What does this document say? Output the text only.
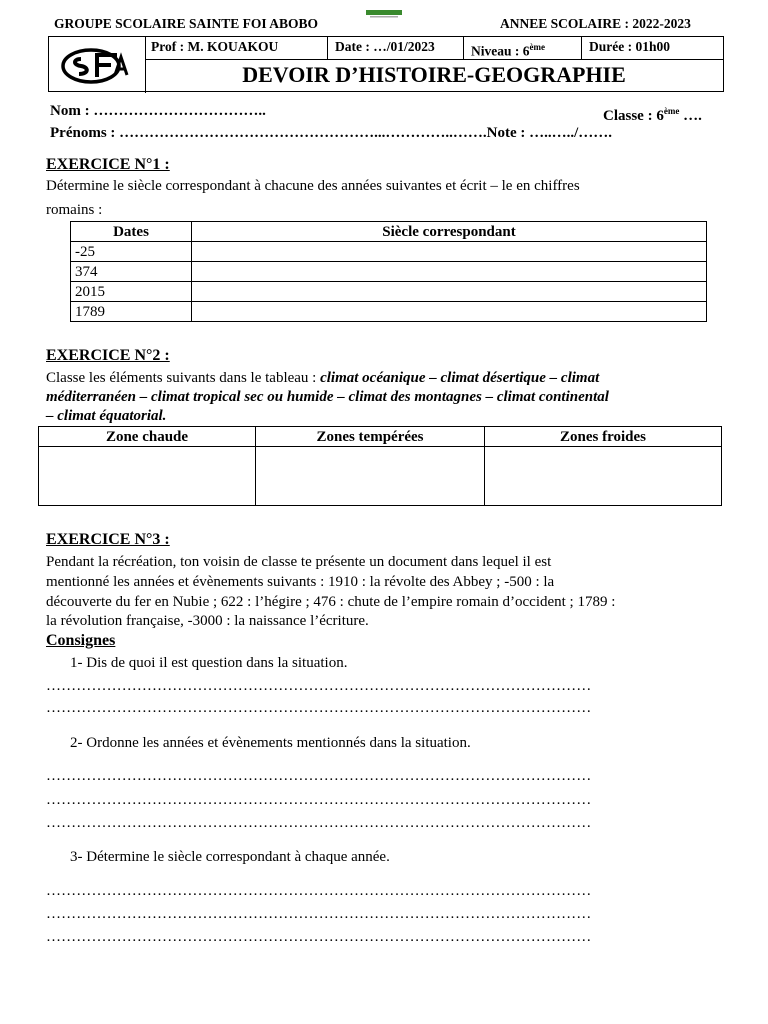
GROUPE SCOLAIRE SAINTE FOI ABOBO	ANNEE SCOLAIRE : 2022-2023
Prof : M. KOUAKOU	Date : …/01/2023	Niveau : 6ème	Durée : 01h00
DEVOIR D’HISTOIRE-GEOGRAPHIE
Nom : ……………………………..	Classe : 6ème ….
Prénoms : ……………………………………………...…………..…….Note : …..…../…….
EXERCICE N°1 :
Détermine le siècle correspondant à chacune des années suivantes et écrit – le en chiffres
romains :
Dates	Siècle correspondant
-25	
374	
2015	
1789	
EXERCICE N°2 :
Classe les éléments suivants dans le tableau : climat océanique – climat désertique – climat
méditerranéen – climat tropical sec ou humide – climat des montagnes – climat continental
– climat équatorial.
Zone chaude	Zones tempérées	Zones froides

EXERCICE N°3 :
Pendant la récréation, ton voisin de classe te présente un document dans lequel il est
mentionné les années et évènements suivants : 1910 : la révolte des Abbey ; -500 : la
découverte du fer en Nubie ; 622 : l’hégire ; 476 : chute de l’empire romain d’occident ; 1789 :
la révolution française, -3000 : la naissance l’écriture.
Consignes
1- Dis de quoi il est question dans la situation.
………………………………………………………………………………………………
………………………………………………………………………………………………
2- Ordonne les années et évènements mentionnés dans la situation.
………………………………………………………………………………………………
………………………………………………………………………………………………
………………………………………………………………………………………………
3- Détermine le siècle correspondant à chaque année.
………………………………………………………………………………………………
………………………………………………………………………………………………
………………………………………………………………………………………………
